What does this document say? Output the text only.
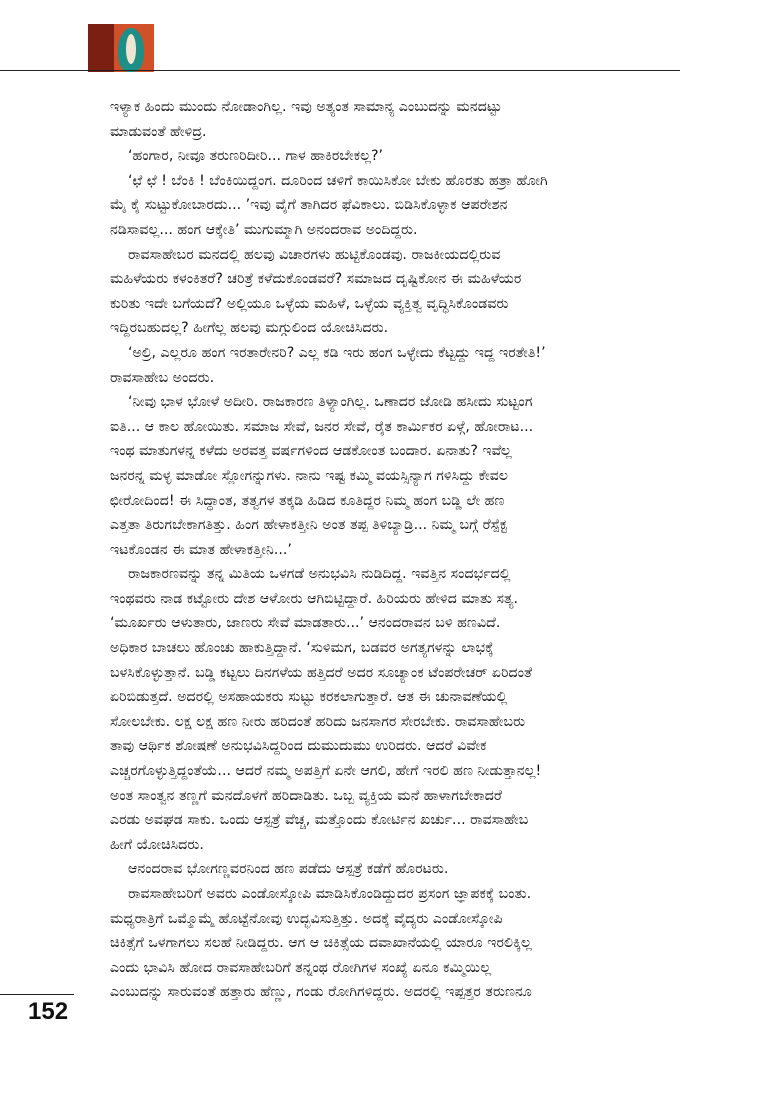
ಇಳ್ಯಾಕ ಹಿಂದು ಮುಂದು ನೋಡಾಂಗಿಲ್ಲ. ಇವು ಅತ್ಯಂತ ಸಾಮಾನ್ಯ ಎಂಬುದನ್ನು ಮನದಟ್ಟು
ಮಾಡುವಂತೆ ಹೇಳಿದ್ರ.

‘ಹಂಗಾರ, ನೀವೂ ತರುಣರಿದೀರಿ... ಗಾಳ ಹಾಕಿರಬೇಕಲ್ಲ?’

‘ಛೆ ಛೆ ! ಬೆಂಕಿ ! ಬೆಂಕಿಯಿದ್ದಂಗ. ದೂರಿಂದ ಚಳಿಗೆ ಕಾಯಿಸಿಕೋ ಬೇಕು ಹೊರತು ಹತ್ರಾ ಹೋಗಿ
ಮೈ ಕೈ ಸುಟ್ಟುಕೋಬಾರದು... ’ಇವು ವೈಗೆ ತಾಗಿದರ ಫೆವಿಕಾಲು. ಬಿಡಿಸಿಕೊಳ್ಳಾಕ ಆಪರೇಶನ
ನಡಿಸಾವಲ್ಲ... ಹಂಗ ಆಕ್ಕೇತಿ’ ಮುಗುಮ್ಮಾಗಿ ಅನಂದರಾವ ಅಂದಿದ್ದರು.

ರಾವಸಾಹೇಬರ ಮನದಲ್ಲಿ ಹಲವು ವಿಚಾರಗಳು ಹುಟ್ಟಿಕೊಂಡವು. ರಾಜಕೀಯದಲ್ಲಿರುವ
ಮಹಿಳೆಯರು ಕಳಂಕಿತರೆ? ಚರಿತ್ರೆ ಕಳೆದುಕೊಂಡವರೆ? ಸಮಾಜದ ದೃಷ್ಟಿಕೋನ ಈ ಮಹಿಳೆಯರ
ಕುರಿತು ಇದೇ ಬಗೆಯದೆ? ಅಲ್ಲಿಯೂ ಒಳ್ಳೆಯ ಮಹಿಳೆ, ಒಳ್ಳೆಯ ವ್ಯಕ್ತಿತ್ವ ವೃದ್ಧಿಸಿಕೊಂಡವರು
ಇದ್ದಿರಬಹುದಲ್ಲ? ಹೀಗೆಲ್ಲ ಹಲವು ಮಗ್ಗುಲಿಂದ ಯೋಚಿಸಿದರು.

‘ಅಲ್ರಿ, ಎಲ್ಲರೂ ಹಂಗ ಇರತಾರೇನರಿ? ಎಲ್ಲ ಕಡಿ ಇರು ಹಂಗ ಒಳ್ಳೇದು ಕೆಟ್ಟದ್ದು ಇದ್ದ ಇರತೇತಿ!’
ರಾವಸಾಹೇಬ ಅಂದರು.

‘ನೀವು ಭಾಳ ಭೋಳೆ ಅದೀರಿ. ರಾಜಕಾರಣ ತಿಳ್ಯಾಂಗಿಲ್ಲ. ಒಣಾದರ ಜೋಡಿ ಹಸೀದು ಸುಟ್ಟಂಗ
ಐತಿ... ಆ ಕಾಲ ಹೋಯಿತು. ಸಮಾಜ ಸೇವೆ, ಜನರ ಸೇವೆ, ರೈತ ಕಾರ್ಮಿಕರ ಏಳ್ಗೆ, ಹೋರಾಟ...
ಇಂಥ ಮಾತುಗಳನ್ನ ಕಳೆದು ಅರವತ್ತ ವರ್ಷಗಳಿಂದ ಆಡಕೋಂತ ಬಂದಾರ. ಏನಾತು? ಇವೆಲ್ಲ
ಜನರನ್ನ ಮಳ್ಳ ಮಾಡೋ ಸ್ಲೋಗನ್ನುಗಳು. ನಾನು ಇಷ್ಟ ಕಮ್ಮಿ ವಯಸ್ಸಿನ್ಯಾಗ ಗಳಿಸಿದ್ದು ಕೇವಲ
ಛೀರೋದಿಂದ! ಈ ಸಿದ್ಧಾಂತ, ತತ್ವಗಳ ತಕ್ಕಡಿ ಹಿಡಿದ ಕೂತಿದ್ದರ ನಿಮ್ಮ ಹಂಗ ಬಡ್ಡಿ ಲೇ ಹಣ
ಎತ್ತತಾ ತಿರುಗಬೇಕಾಗತಿತ್ತು. ಹಿಂಗ ಹೇಳಾಕತ್ತೀನಿ ಅಂತ ತಪ್ಪ ತಿಳಿಬ್ಯಾಡ್ರಿ... ನಿಮ್ಮ ಬಗ್ಗೆ ರೆಸ್ಪೆಕ್ಟ
ಇಟಕೊಂಡನ ಈ ಮಾತ ಹೇಳಾಕತ್ತೀನಿ...’

ರಾಜಕಾರಣವನ್ನು ತನ್ನ ಮಿತಿಯ ಒಳಗಡೆ ಅನುಭವಿಸಿ ನುಡಿದಿದ್ದ. ಇವತ್ತಿನ ಸಂದರ್ಭದಲ್ಲಿ
ಇಂಥವರು ನಾಡ ಕಟ್ಟೋರು ದೇಶ ಆಳೋರು ಆಗಿಬಿಟ್ಟಿದ್ದಾರೆ. ಹಿರಿಯರು ಹೇಳಿದ ಮಾತು ಸತ್ಯ.
‘ಮೂರ್ಖರು ಆಳುತಾರು, ಜಾಣರು ಸೇವೆ ಮಾಡತಾರು...’ ಆನಂದರಾವನ ಬಳಿ ಹಣವಿದೆ.
ಅಧಿಕಾರ ಬಾಚಲು ಹೊಂಚು ಹಾಕುತ್ತಿದ್ದಾನೆ. ‘ಸುಳಿಮಗ, ಬಡವರ ಅಗತ್ಯಗಳನ್ನು ಲಾಭಕ್ಕೆ
ಬಳಸಿಕೊಳ್ಳುತ್ತಾನೆ. ಬಡ್ಡಿ ಕಟ್ಟಲು ದಿನಗಳೆಯ ಹತ್ತಿದರೆ ಅದರ ಸೂಚ್ಯಾಂಕ ಟೆಂಪರೇಚರ್ ಏರಿದಂತೆ
ಏರಿಬಿಡುತ್ತದೆ. ಅದರಲ್ಲಿ ಅಸಹಾಯಕರು ಸುಟ್ಟು ಕರಕಲಾಗುತ್ತಾರೆ. ಆತ ಈ ಚುನಾವಣೆಯಲ್ಲಿ
ಸೋಲಬೇಕು. ಲಕ್ಷ ಲಕ್ಷ ಹಣ ನೀರು ಹರಿದಂತೆ ಹರಿದು ಜನಸಾಗರ ಸೇರಬೇಕು. ರಾವಸಾಹೇಬರು
ತಾವು ಆರ್ಥಿಕ ಶೋಷಣೆ ಅನುಭವಿಸಿದ್ದರಿಂದ ದುಮುದುಮು ಉರಿದರು. ಆದರೆ ವಿವೇಕ
ಎಚ್ಚರಗೊಳ್ಳುತ್ತಿದ್ದಂತೆಯೆ... ಆದರೆ ನಮ್ಮ ಅಪತ್ತಿಗೆ ಏನೇ ಆಗಲಿ, ಹೇಗೆ ಇರಲಿ ಹಣ ನೀಡುತ್ತಾನಲ್ಲ!
ಅಂತ ಸಾಂತ್ವನ ತಣ್ಣಗೆ ಮನದೊಳಗೆ ಹರಿದಾಡಿತು. ಒಬ್ಬ ವ್ಯಕ್ತಿಯ ಮನೆ ಹಾಳಾಗಬೇಕಾದರೆ
ಎರಡು ಅವಘಡ ಸಾಕು. ಒಂದು ಆಸ್ಪತ್ರೆ ವೆಚ್ಚ, ಮತ್ತೊಂದು ಕೋರ್ಟಿನ ಖರ್ಚು... ರಾವಸಾಹೇಬ
ಹೀಗೆ ಯೋಚಿಸಿದರು.

ಆನಂದರಾವ ಭೋಗಣ್ಣವರನಿಂದ ಹಣ ಪಡೆದು ಆಸ್ಪತ್ರೆ ಕಡೆಗೆ ಹೊರಟರು.

ರಾವಸಾಹೇಬರಿಗೆ ಅವರು ಎಂಡೋಸ್ಕೋಪಿ ಮಾಡಿಸಿಕೊಂಡಿದ್ದುದರ ಪ್ರಸಂಗ ಜ್ಞಾಪಕಕ್ಕೆ ಬಂತು.
ಮಧ್ಯರಾತ್ರಿಗೆ ಒಮ್ಮೊಮ್ಮೆ ಹೊಟ್ಟೆನೋವು ಉದ್ಭವಿಸುತ್ತಿತ್ತು. ಅದಕ್ಕೆ ವೈದ್ಯರು ಎಂಡೋಸ್ಕೋಪಿ
ಚಿಕಿತ್ಸೆಗೆ ಒಳಗಾಗಲು ಸಲಹೆ ನೀಡಿದ್ದರು. ಆಗ ಆ ಚಿಕಿತ್ಸೆಯ ದವಾಖಾನೆಯಲ್ಲಿ ಯಾರೂ ಇರಲಿಕ್ಕಿಲ್ಲ
ಎಂದು ಭಾವಿಸಿ ಹೋದ ರಾವಸಾಹೇಬರಿಗೆ ತನ್ನಂಥ ರೋಗಿಗಳ ಸಂಖ್ಯೆ ಏನೂ ಕಮ್ಮಿಯಿಲ್ಲ
ಎಂಬುದನ್ನು ಸಾರುವಂತೆ ಹತ್ತಾರು ಹೆಣ್ಣು, ಗಂಡು ರೋಗಿಗಳಿದ್ದರು. ಅದರಲ್ಲಿ ಇಪ್ಪತ್ತರ ತರುಣನೂ

152
